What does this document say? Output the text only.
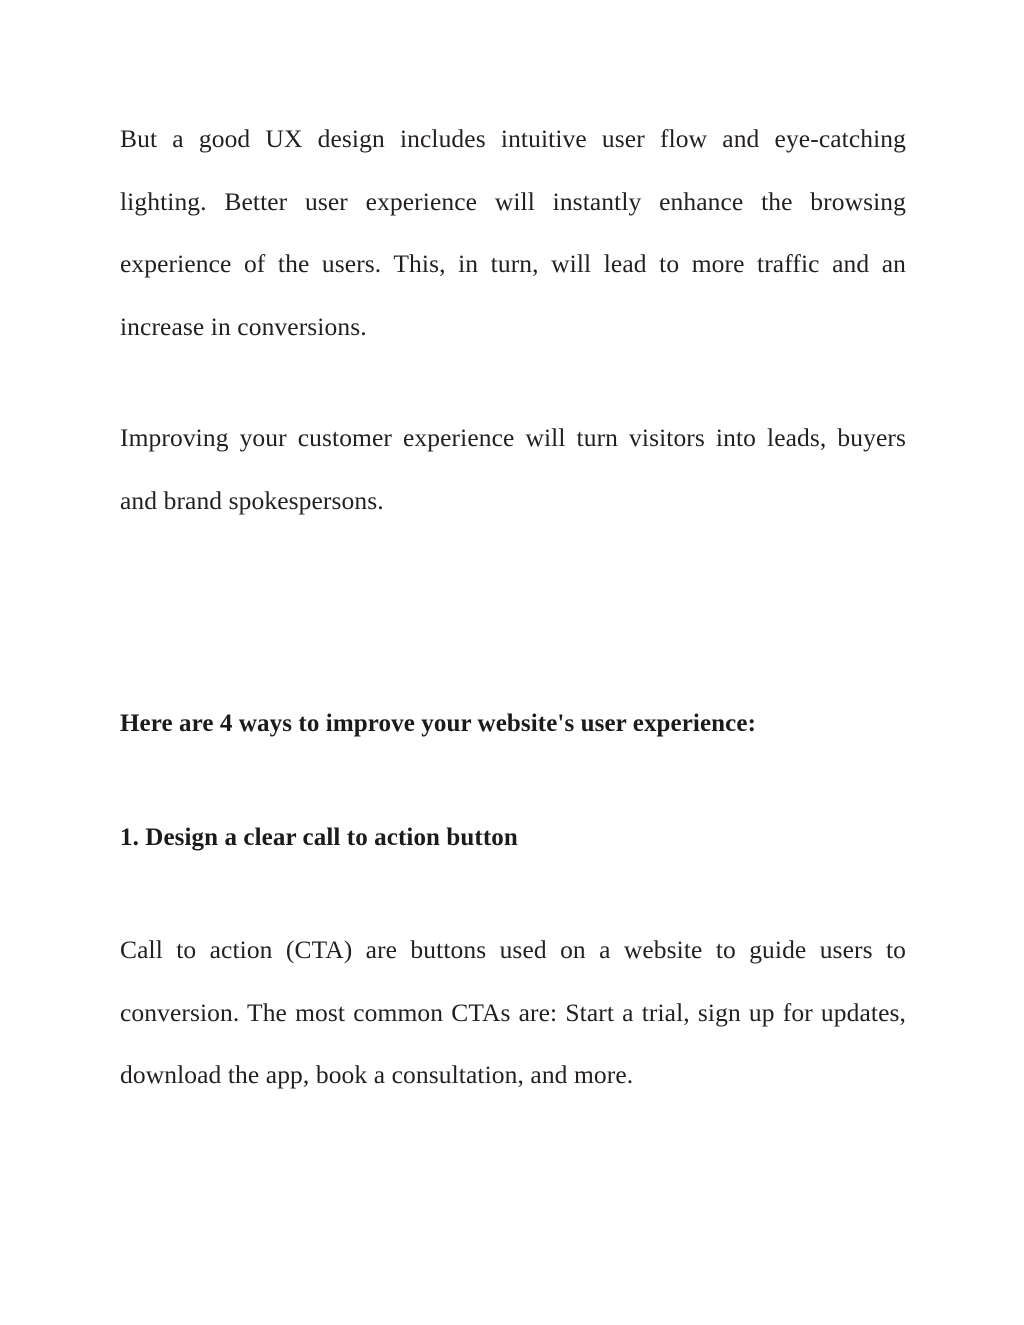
But a good UX design includes intuitive user flow and eye-catching lighting. Better user experience will instantly enhance the browsing experience of the users. This, in turn, will lead to more traffic and an increase in conversions.

Improving your customer experience will turn visitors into leads, buyers and brand spokespersons.

Here are 4 ways to improve your website's user experience:

1. Design a clear call to action button

Call to action (CTA) are buttons used on a website to guide users to conversion. The most common CTAs are: Start a trial, sign up for updates, download the app, book a consultation, and more.
